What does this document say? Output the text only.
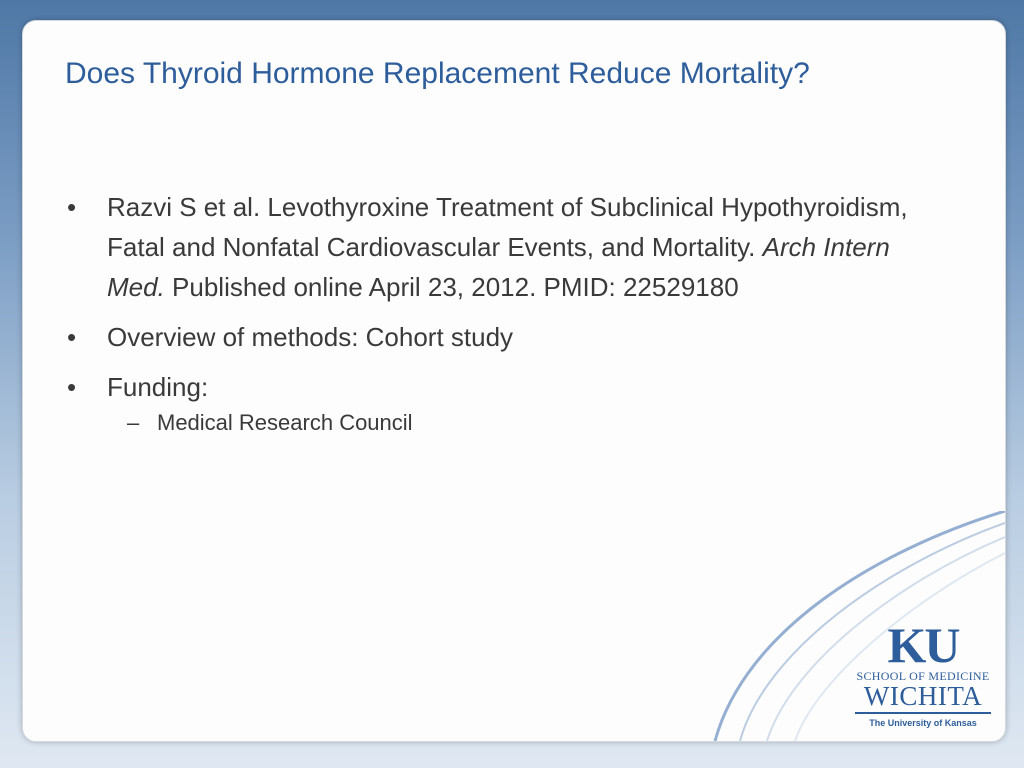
Does Thyroid Hormone Replacement Reduce Mortality?
• Razvi S et al. Levothyroxine Treatment of Subclinical Hypothyroidism, Fatal and Nonfatal Cardiovascular Events, and Mortality. Arch Intern Med. Published online April 23, 2012. PMID: 22529180
• Overview of methods: Cohort study
• Funding:
– Medical Research Council
KU
SCHOOL OF MEDICINE
WICHITA
The University of Kansas
